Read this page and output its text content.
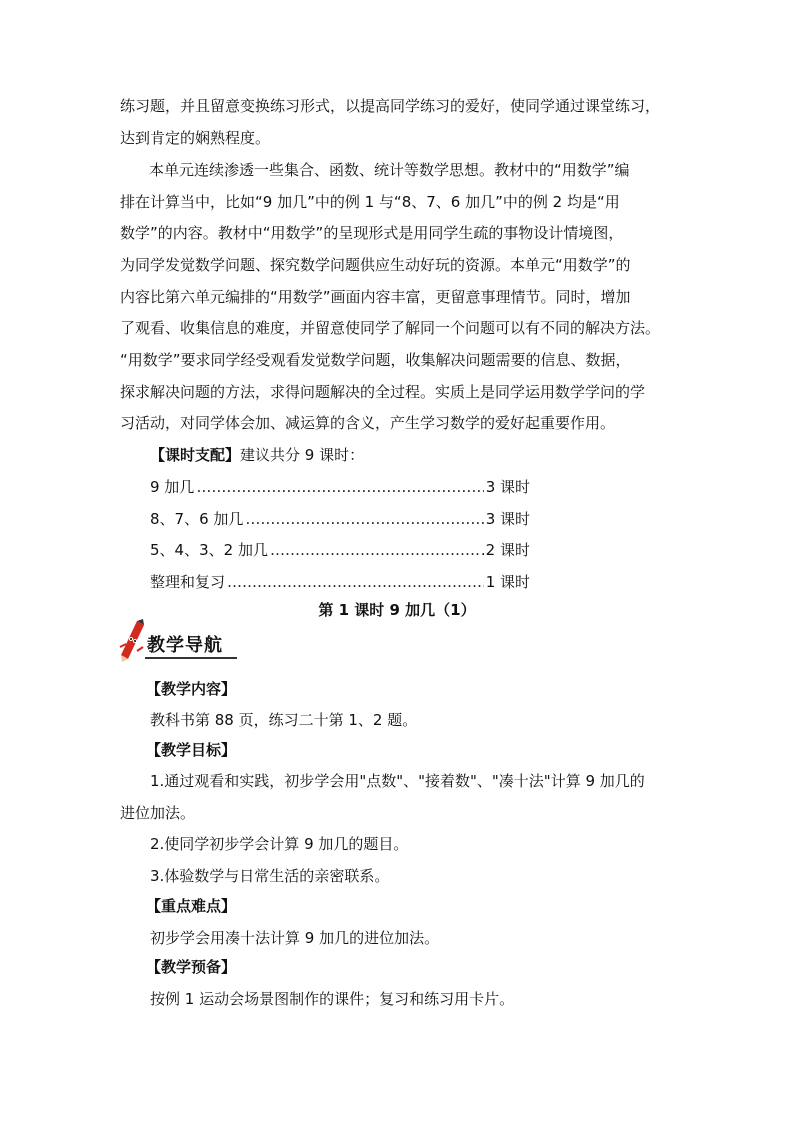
练习题，并且留意变换练习形式，以提高同学练习的爱好，使同学通过课堂练习，
达到肯定的娴熟程度。
本单元连续渗透一些集合、函数、统计等数学思想。教材中的“用数学”编
排在计算当中，比如“9 加几”中的例 1 与“8、7、6 加几”中的例 2 均是“用
数学”的内容。教材中“用数学”的呈现形式是用同学生疏的事物设计情境图，
为同学发觉数学问题、探究数学问题供应生动好玩的资源。本单元“用数学”的
内容比第六单元编排的“用数学”画面内容丰富，更留意事理情节。同时，增加
了观看、收集信息的难度，并留意使同学了解同一个问题可以有不同的解决方法。
“用数学”要求同学经受观看发觉数学问题，收集解决问题需要的信息、数据，
探求解决问题的方法，求得问题解决的全过程。实质上是同学运用数学学问的学
习活动，对同学体会加、减运算的含义，产生学习数学的爱好起重要作用。
【课时支配】建议共分 9 课时：
9 加几 ………………………………………………………………………………………………………………	3 课时
8、7、6 加几 ………………………………………………………………………………………………………………	3 课时
5、4、3、2 加几 ………………………………………………………………………………………………………………	.2 课时
整理和复习 ………………………………………………………………………………………………………………	1 课时
第 1 课时 9 加几（1）
教学导航
【教学内容】
教科书第 88 页，练习二十第 1、2 题。
【教学目标】
1.通过观看和实践，初步学会用"点数"、"接着数"、"凑十法"计算 9 加几的
进位加法。
2.使同学初步学会计算 9 加几的题目。
3.体验数学与日常生活的亲密联系。
【重点难点】
初步学会用凑十法计算 9 加几的进位加法。
【教学预备】
按例 1 运动会场景图制作的课件；复习和练习用卡片。
